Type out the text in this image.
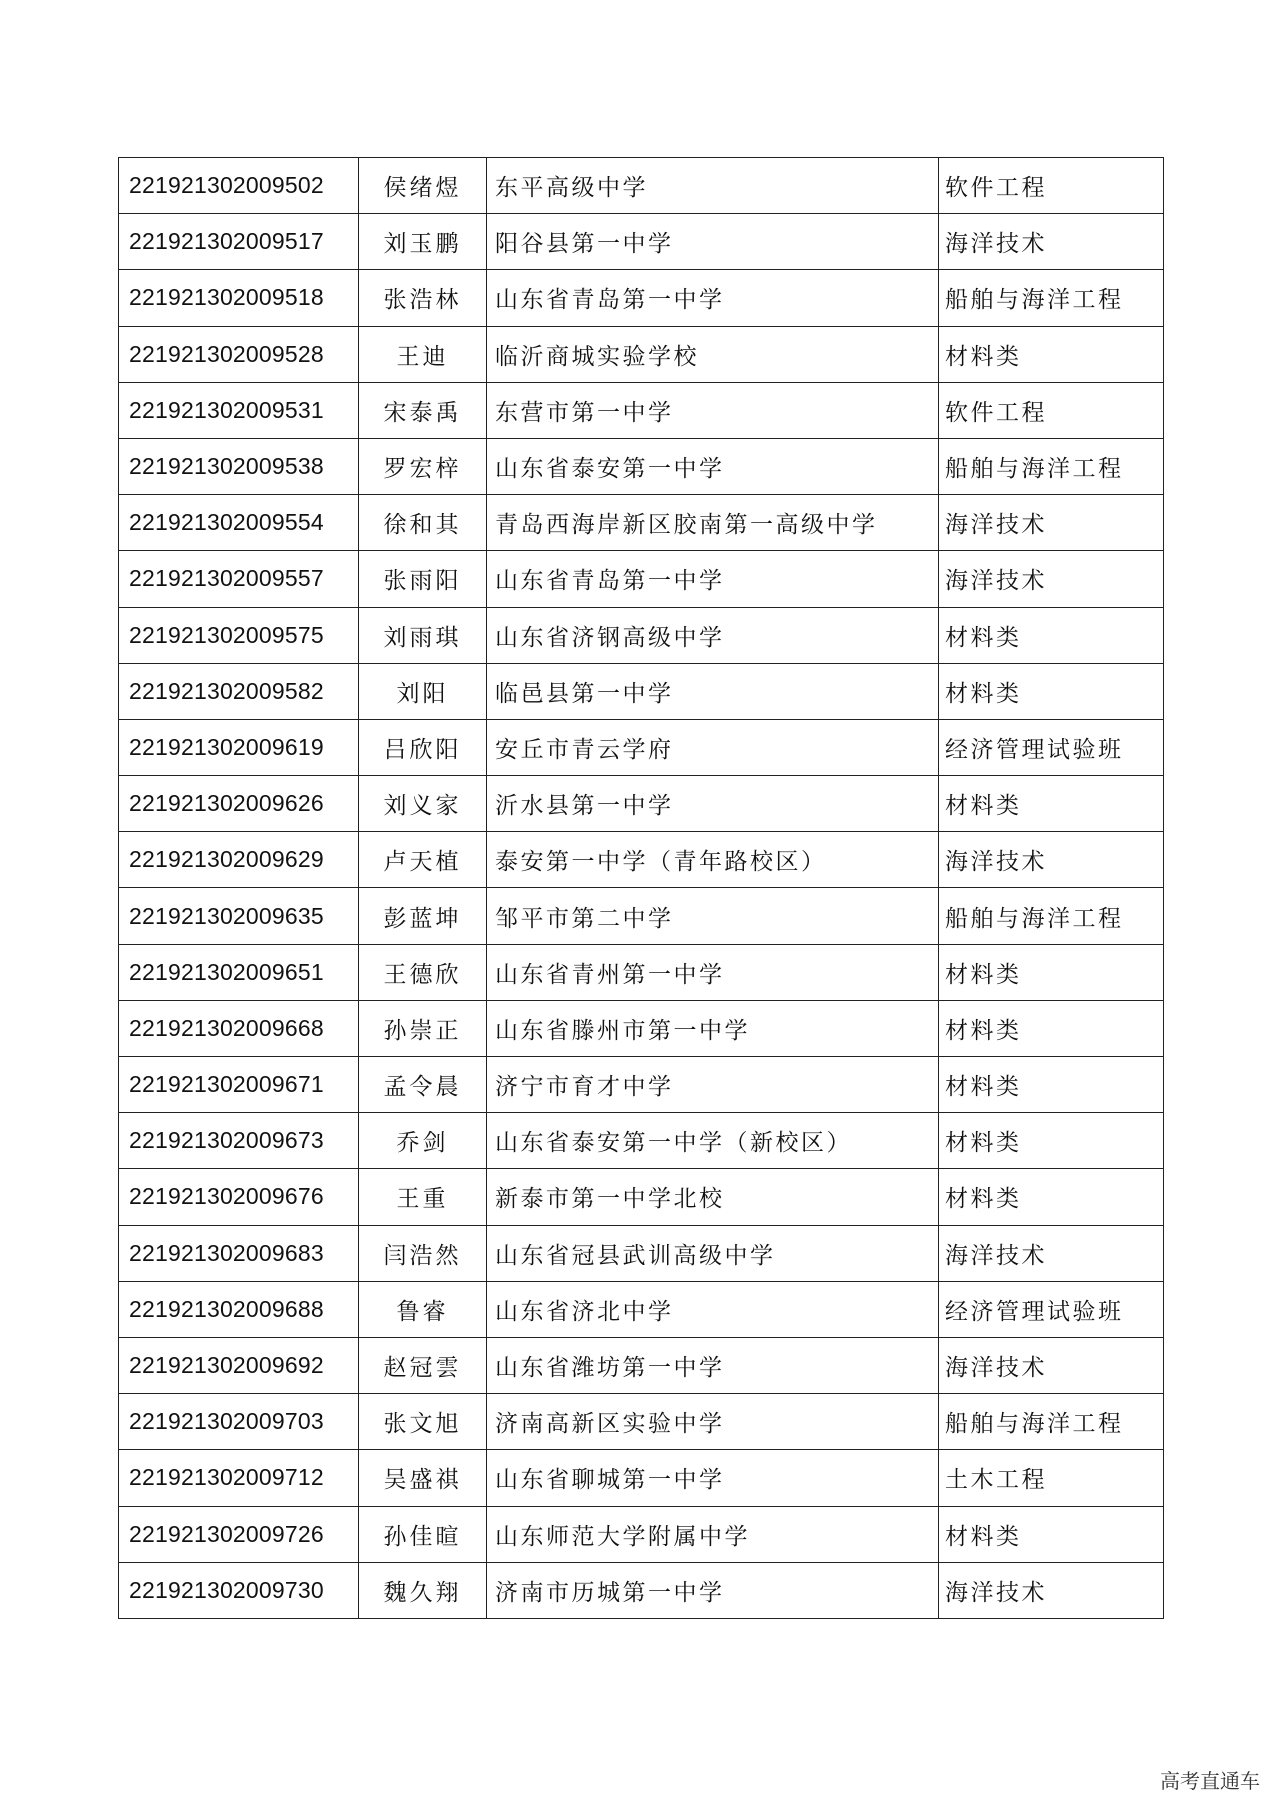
221921302009502	侯绪煜	东平高级中学	软件工程
221921302009517	刘玉鹏	阳谷县第一中学	海洋技术
221921302009518	张浩林	山东省青岛第一中学	船舶与海洋工程
221921302009528	王迪	临沂商城实验学校	材料类
221921302009531	宋泰禹	东营市第一中学	软件工程
221921302009538	罗宏梓	山东省泰安第一中学	船舶与海洋工程
221921302009554	徐和其	青岛西海岸新区胶南第一高级中学	海洋技术
221921302009557	张雨阳	山东省青岛第一中学	海洋技术
221921302009575	刘雨琪	山东省济钢高级中学	材料类
221921302009582	刘阳	临邑县第一中学	材料类
221921302009619	吕欣阳	安丘市青云学府	经济管理试验班
221921302009626	刘义家	沂水县第一中学	材料类
221921302009629	卢天植	泰安第一中学（青年路校区）	海洋技术
221921302009635	彭蓝坤	邹平市第二中学	船舶与海洋工程
221921302009651	王德欣	山东省青州第一中学	材料类
221921302009668	孙崇正	山东省滕州市第一中学	材料类
221921302009671	孟令晨	济宁市育才中学	材料类
221921302009673	乔剑	山东省泰安第一中学（新校区）	材料类
221921302009676	王重	新泰市第一中学北校	材料类
221921302009683	闫浩然	山东省冠县武训高级中学	海洋技术
221921302009688	鲁睿	山东省济北中学	经济管理试验班
221921302009692	赵冠雲	山东省潍坊第一中学	海洋技术
221921302009703	张文旭	济南高新区实验中学	船舶与海洋工程
221921302009712	吴盛祺	山东省聊城第一中学	土木工程
221921302009726	孙佳暄	山东师范大学附属中学	材料类
221921302009730	魏久翔	济南市历城第一中学	海洋技术
高考直通车
